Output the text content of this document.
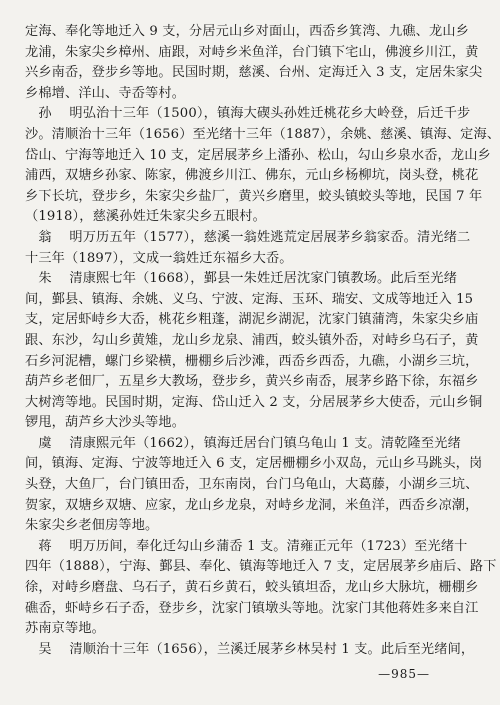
定海、奉化等地迁入 9 支，分居元山乡对面山，西岙乡箕湾、九礁、龙山乡
龙浦，朱家尖乡樟州、庙跟，对峙乡米鱼洋，台门镇下宅山，佛渡乡川江，黄
兴乡南岙，登步乡等地。民国时期，慈溪、台州、定海迁入 3 支，定居朱家尖
乡棉增、洋山、寺岙等村。
　孙　 明弘治十三年（1500），镇海大碶头孙姓迁桃花乡大岭登，后迁千步
沙。清顺治十三年（1656）至光绪十三年（1887），余姚、慈溪、镇海、定海、
岱山、宁海等地迁入 10 支，定居展茅乡上潘孙、松山，勾山乡泉水岙，龙山乡
浦西，双塘乡孙家、陈家，佛渡乡川江、佛东，元山乡杨柳坑，岗头登，桃花
乡下长坑，登步乡，朱家尖乡盐厂，黄兴乡磨里，蛟头镇蛟头等地，民国 7 年
（1918），慈溪孙姓迁朱家尖乡五眼村。
　翁　 明万历五年（1577），慈溪一翁姓逃荒定居展茅乡翁家岙。清光绪二
十三年（1897），文成一翁姓迁东福乡大岙。
　朱　 清康熙七年（1668），鄞县一朱姓迁居沈家门镇教场。此后至光绪
间，鄞县、镇海、余姚、义乌、宁波、定海、玉环、瑞安、文成等地迁入 15
支，定居虾峙乡大岙，桃花乡粗蓬，湖泥乡湖泥，沈家门镇蒲湾，朱家尖乡庙
跟、东沙，勾山乡黄雉，龙山乡龙泉、浦西，蛟头镇外岙，对峙乡乌石子，黄
石乡河泥槽，螺门乡梁横，栅棚乡后沙滩，西岙乡西岙，九礁，小湖乡三坑，
葫芦乡老佃厂，五星乡大教场，登步乡，黄兴乡南岙，展茅乡路下徐，东福乡
大树湾等地。民国时期，定海、岱山迁入 2 支，分居展茅乡大使岙，元山乡铜
锣甩，葫芦乡大沙头等地。
　虞　 清康熙元年（1662），镇海迁居台门镇乌龟山 1 支。清乾隆至光绪
间，镇海、定海、宁波等地迁入 6 支，定居栅棚乡小双岛，元山乡马跳头，岗
头登，大鱼厂，台门镇田岙，卫东南岗，台门乌龟山，大葛藤，小湖乡三坑、
贺家，双塘乡双塘、应家，龙山乡龙泉，对峙乡龙洞，米鱼洋，西岙乡凉潮，
朱家尖乡老佃房等地。
　蒋　 明万历间，奉化迁勾山乡蒲岙 1 支。清雍正元年（1723）至光绪十
四年（1888），宁海、鄞县、奉化、镇海等地迁入 7 支，定居展茅乡庙后、路下
徐，对峙乡磨盘、乌石子，黄石乡黄石，蛟头镇坦岙，龙山乡大脉坑，栅棚乡
礁岙，虾峙乡石子岙，登步乡，沈家门镇墩头等地。沈家门其他蒋姓多来自江
苏南京等地。
　吴　 清顺治十三年（1656），兰溪迁展茅乡林吴村 1 支。此后至光绪间，
—985—
